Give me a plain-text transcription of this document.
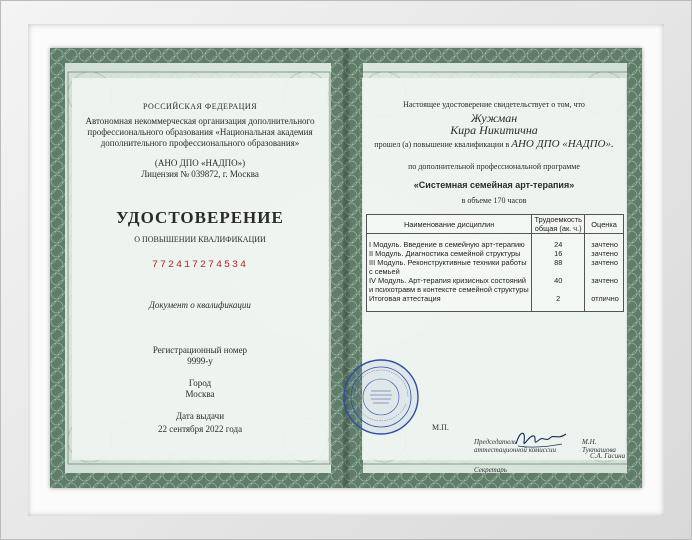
РОССИЙСКАЯ ФЕДЕРАЦИЯ
Автономная некоммерческая организация дополнительного
профессионального образования «Национальная академия
дополнительного профессионального образования»
(АНО ДПО «НАДПО»)
Лицензия № 039872, г. Москва
УДОСТОВЕРЕНИЕ
О ПОВЫШЕНИИ КВАЛИФИКАЦИИ
772417274534
Документ о квалификации
Регистрационный номер
9999-у
Город
Москва
Дата выдачи
22 сентября 2022 года
Настоящее удостоверение свидетельствует о том, что
Жужман
Кира Никитична
прошел (а) повышение квалификации в АНО ДПО «НАДПО».
по дополнительной профессиональной программе
«Системная семейная арт-терапия»
в объеме 170 часов
Наименование дисциплин	Трудоемкость общая (ак. ч.)	Оценка
I Модуль. Введение в семейную арт-терапию	24	зачтено
II Модуль. Диагностика семейной структуры	16	зачтено
III Модуль. Реконструктивные техники работы с семьей	88	зачтено
IV Модуль. Арт-терапия кризисных состояний и психотравм в контексте семейной структуры	40	зачтено
Итоговая аттестация	2	отлично
М.П.
Председатель
аттестационной комиссии
М.Н. Тукташова
Секретарь
С.А. Гасина
